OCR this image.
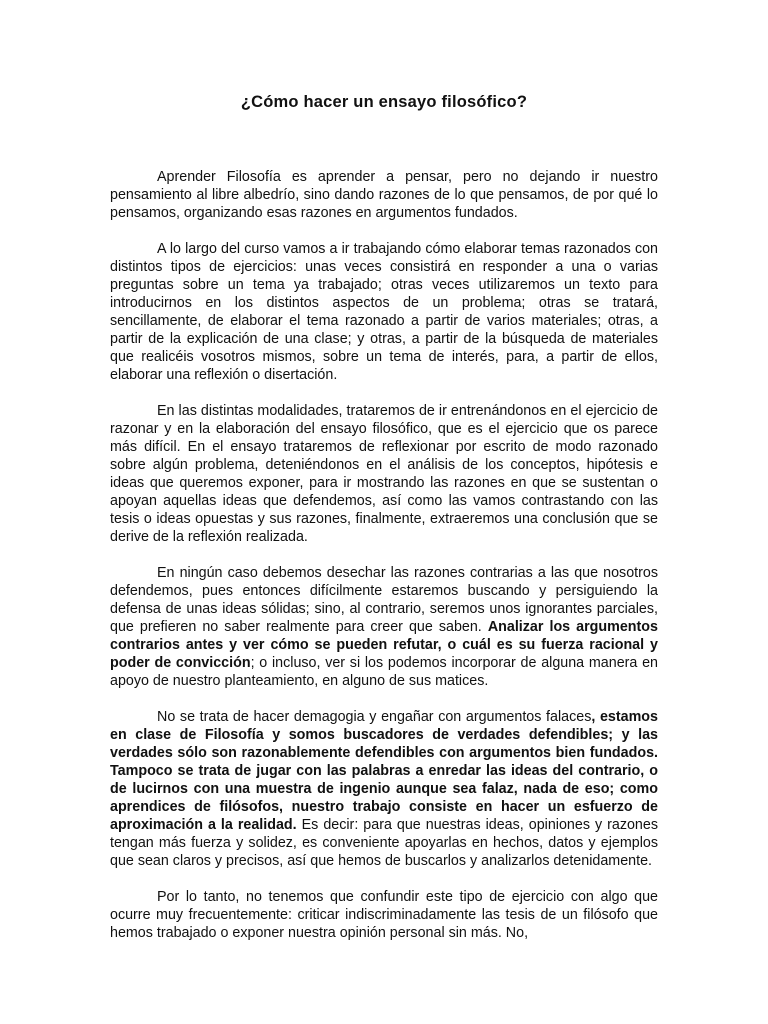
¿Cómo hacer un ensayo filosófico?

Aprender Filosofía es aprender a pensar, pero no dejando ir nuestro pensamiento al libre albedrío, sino dando razones de lo que pensamos, de por qué lo pensamos, organizando esas razones en argumentos fundados.

A lo largo del curso vamos a ir trabajando cómo elaborar temas razonados con distintos tipos de ejercicios: unas veces consistirá en responder a una o varias preguntas sobre un tema ya trabajado; otras veces utilizaremos un texto para introducirnos en los distintos aspectos de un problema; otras se tratará, sencillamente, de elaborar el tema razonado a partir de varios materiales; otras, a partir de la explicación de una clase; y otras, a partir de la búsqueda de materiales que realicéis vosotros mismos, sobre un tema de interés, para, a partir de ellos, elaborar una reflexión o disertación.

En las distintas modalidades, trataremos de ir entrenándonos en el ejercicio de razonar y en la elaboración del ensayo filosófico, que es el ejercicio que os parece más difícil. En el ensayo trataremos de reflexionar por escrito de modo razonado sobre algún problema, deteniéndonos en el análisis de los conceptos, hipótesis e ideas que queremos exponer, para ir mostrando las razones en que se sustentan o apoyan aquellas ideas que defendemos, así como las vamos contrastando con las tesis o ideas opuestas y sus razones, finalmente, extraeremos una conclusión que se derive de la reflexión realizada.

En ningún caso debemos desechar las razones contrarias a las que nosotros defendemos, pues entonces difícilmente estaremos buscando y persiguiendo la defensa de unas ideas sólidas; sino, al contrario, seremos unos ignorantes parciales, que prefieren no saber realmente para creer que saben. Analizar los argumentos contrarios antes y ver cómo se pueden refutar, o cuál es su fuerza racional y poder de convicción; o incluso, ver si los podemos incorporar de alguna manera en apoyo de nuestro planteamiento, en alguno de sus matices.

No se trata de hacer demagogia y engañar con argumentos falaces, estamos en clase de Filosofía y somos buscadores de verdades defendibles; y las verdades sólo son razonablemente defendibles con argumentos bien fundados. Tampoco se trata de jugar con las palabras a enredar las ideas del contrario, o de lucirnos con una muestra de ingenio aunque sea falaz, nada de eso; como aprendices de filósofos, nuestro trabajo consiste en hacer un esfuerzo de aproximación a la realidad. Es decir: para que nuestras ideas, opiniones y razones tengan más fuerza y solidez, es conveniente apoyarlas en hechos, datos y ejemplos que sean claros y precisos, así que hemos de buscarlos y analizarlos detenidamente.

Por lo tanto, no tenemos que confundir este tipo de ejercicio con algo que ocurre muy frecuentemente: criticar indiscriminadamente las tesis de un filósofo que hemos trabajado o exponer nuestra opinión personal sin más. No,
